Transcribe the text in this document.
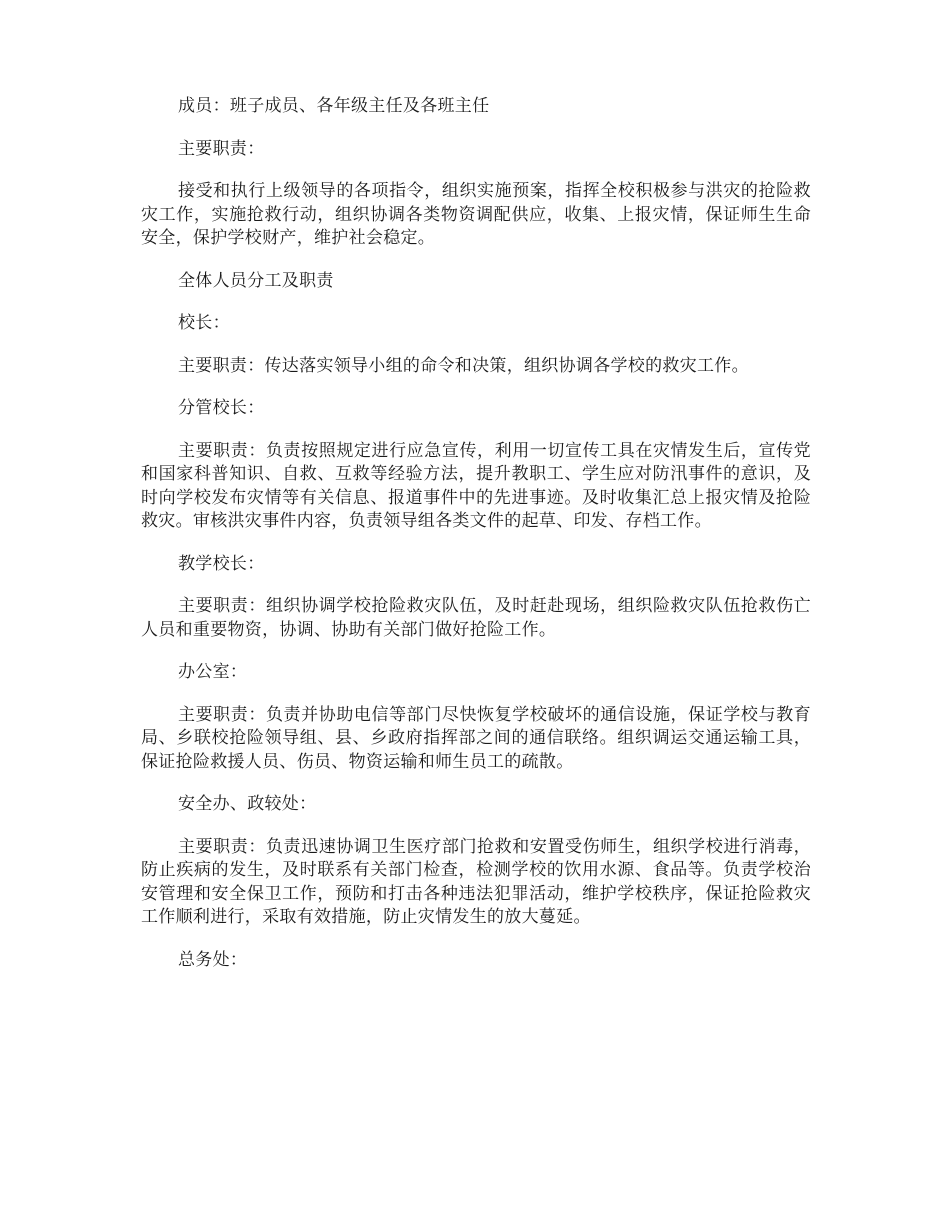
成员：班子成员、各年级主任及各班主任

主要职责：

接受和执行上级领导的各项指令，组织实施预案，指挥全校积极参与洪灾的抢险救灾工作，实施抢救行动，组织协调各类物资调配供应，收集、上报灾情，保证师生生命安全，保护学校财产，维护社会稳定。

全体人员分工及职责

校长：

主要职责：传达落实领导小组的命令和决策，组织协调各学校的救灾工作。

分管校长：

主要职责：负责按照规定进行应急宣传，利用一切宣传工具在灾情发生后，宣传党和国家科普知识、自救、互救等经验方法，提升教职工、学生应对防汛事件的意识，及时向学校发布灾情等有关信息、报道事件中的先进事迹。及时收集汇总上报灾情及抢险救灾。审核洪灾事件内容，负责领导组各类文件的起草、印发、存档工作。

教学校长：

主要职责：组织协调学校抢险救灾队伍，及时赶赴现场，组织险救灾队伍抢救伤亡人员和重要物资，协调、协助有关部门做好抢险工作。

办公室：

主要职责：负责并协助电信等部门尽快恢复学校破坏的通信设施，保证学校与教育局、乡联校抢险领导组、县、乡政府指挥部之间的通信联络。组织调运交通运输工具，保证抢险救援人员、伤员、物资运输和师生员工的疏散。

安全办、政较处：

主要职责：负责迅速协调卫生医疗部门抢救和安置受伤师生，组织学校进行消毒，防止疾病的发生，及时联系有关部门检查，检测学校的饮用水源、食品等。负责学校治安管理和安全保卫工作，预防和打击各种违法犯罪活动，维护学校秩序，保证抢险救灾工作顺利进行，采取有效措施，防止灾情发生的放大蔓延。

总务处：
